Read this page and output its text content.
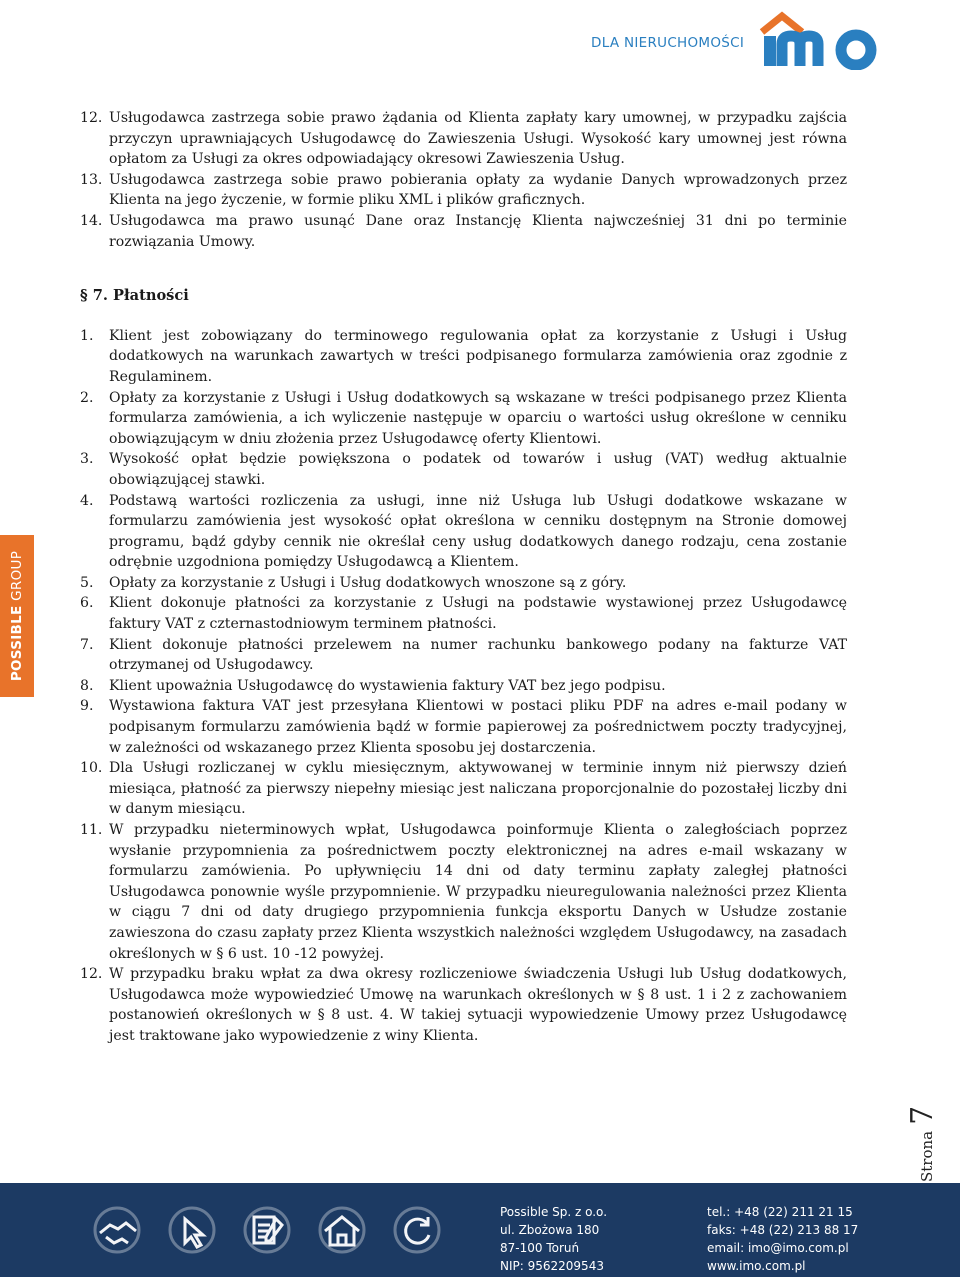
DLA NIERUCHOMOŚCI
POSSIBLE GROUP
12. Usługodawca zastrzega sobie prawo żądania od Klienta zapłaty kary umownej, w przypadku zajścia przyczyn uprawniających Usługodawcę do Zawieszenia Usługi. Wysokość kary umownej jest równa opłatom za Usługi za okres odpowiadający okresowi Zawieszenia Usług.
13. Usługodawca zastrzega sobie prawo pobierania opłaty za wydanie Danych wprowadzonych przez Klienta na jego życzenie, w formie pliku XML i plików graficznych.
14. Usługodawca ma prawo usunąć Dane oraz Instancję Klienta najwcześniej 31 dni po terminie rozwiązania Umowy.
§ 7. Płatności
1. Klient jest zobowiązany do terminowego regulowania opłat za korzystanie z Usługi i Usług dodatkowych na warunkach zawartych w treści podpisanego formularza zamówienia oraz zgodnie z Regulaminem.
2. Opłaty za korzystanie z Usługi i Usług dodatkowych są wskazane w treści podpisanego przez Klienta formularza zamówienia, a ich wyliczenie następuje w oparciu o wartości usług określone w cenniku obowiązującym w dniu złożenia przez Usługodawcę oferty Klientowi.
3. Wysokość opłat będzie powiększona o podatek od towarów i usług (VAT) według aktualnie obowiązującej stawki.
4. Podstawą wartości rozliczenia za usługi, inne niż Usługa lub Usługi dodatkowe wskazane w formularzu zamówienia jest wysokość opłat określona w cenniku dostępnym na Stronie domowej programu, bądź gdyby cennik nie określał ceny usług dodatkowych danego rodzaju, cena zostanie odrębnie uzgodniona pomiędzy Usługodawcą a Klientem.
5. Opłaty za korzystanie z Usługi i Usług dodatkowych wnoszone są z góry.
6. Klient dokonuje płatności za korzystanie z Usługi na podstawie wystawionej przez Usługodawcę faktury VAT z czternastodniowym terminem płatności.
7. Klient dokonuje płatności przelewem na numer rachunku bankowego podany na fakturze VAT otrzymanej od Usługodawcy.
8. Klient upoważnia Usługodawcę do wystawienia faktury VAT bez jego podpisu.
9. Wystawiona faktura VAT jest przesyłana Klientowi w postaci pliku PDF na adres e-mail podany w podpisanym formularzu zamówienia bądź w formie papierowej za pośrednictwem poczty tradycyjnej, w zależności od wskazanego przez Klienta sposobu jej dostarczenia.
10. Dla Usługi rozliczanej w cyklu miesięcznym, aktywowanej w terminie innym niż pierwszy dzień miesiąca, płatność za pierwszy niepełny miesiąc jest naliczana proporcjonalnie do pozostałej liczby dni w danym miesiącu.
11. W przypadku nieterminowych wpłat, Usługodawca poinformuje Klienta o zaległościach poprzez wysłanie przypomnienia za pośrednictwem poczty elektronicznej na adres e-mail wskazany w formularzu zamówienia. Po upływnięciu 14 dni od daty terminu zapłaty zaległej płatności Usługodawca ponownie wyśle przypomnienie. W przypadku nieuregulowania należności przez Klienta w ciągu 7 dni od daty drugiego przypomnienia funkcja eksportu Danych w Usłudze zostanie zawieszona do czasu zapłaty przez Klienta wszystkich należności względem Usługodawcy, na zasadach określonych w § 6 ust. 10 -12 powyżej.
12. W przypadku braku wpłat za dwa okresy rozliczeniowe świadczenia Usługi lub Usług dodatkowych, Usługodawca może wypowiedzieć Umowę na warunkach określonych w § 8 ust. 1 i 2 z zachowaniem postanowień określonych w § 8 ust. 4. W takiej sytuacji wypowiedzenie Umowy przez Usługodawcę jest traktowane jako wypowiedzenie z winy Klienta.
Strona7
Possible Sp. z o.o.
ul. Zbożowa 180
87-100 Toruń
NIP: 9562209543
tel.: +48 (22) 211 21 15
faks: +48 (22) 213 88 17
email: imo@imo.com.pl
www.imo.com.pl
